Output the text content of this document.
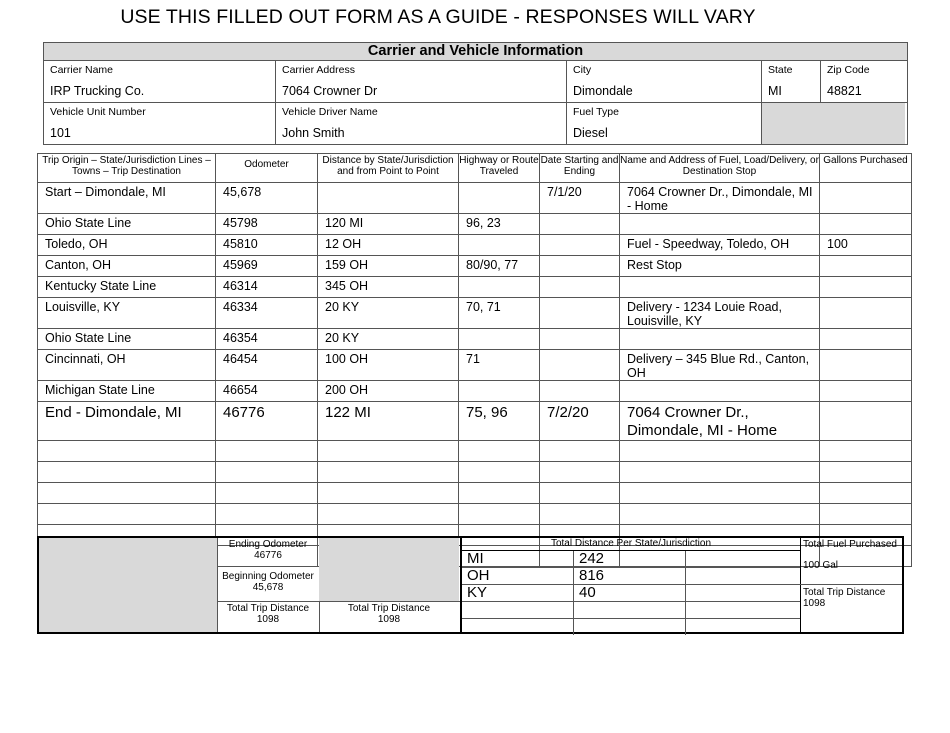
USE THIS FILLED OUT FORM AS A GUIDE - RESPONSES WILL VARY
Carrier and Vehicle Information
Carrier Name
IRP Trucking Co.
Carrier Address
7064 Crowner Dr
City
Dimondale
State
MI
Zip Code
48821
Vehicle Unit Number
101
Vehicle Driver Name
John Smith
Fuel Type
Diesel
Trip Origin – State/Jurisdiction Lines – Towns – Trip Destination	Odometer	Distance by State/Jurisdiction and from Point to Point	Highway or Route Traveled	Date Starting and Ending	Name and Address of Fuel, Load/Delivery, or Destination Stop	Gallons Purchased
Start – Dimondale, MI	45,678			7/1/20	7064 Crowner Dr., Dimondale, MI - Home	
Ohio State Line	45798	120 MI	96, 23			
Toledo, OH	45810	12 OH			Fuel - Speedway, Toledo, OH	100
Canton, OH	45969	159 OH	80/90, 77		Rest Stop	
Kentucky State Line	46314	345 OH				
Louisville, KY	46334	20 KY	70, 71		Delivery - 1234 Louie Road, Louisville, KY	
Ohio State Line	46354	20 KY				
Cincinnati, OH	46454	100 OH	71		Delivery – 345 Blue Rd., Canton, OH	
Michigan State Line	46654	200 OH				
End - Dimondale, MI	46776	122 MI	75, 96	7/2/20	7064 Crowner Dr., Dimondale, MI - Home	

Ending Odometer
46776
Beginning Odometer
45,678
Total Trip Distance
1098
Total Trip Distance
1098
Total Distance Per State/Jurisdiction
MI	242
OH	816
KY	40
Total Fuel Purchased
100 Gal
Total Trip Distance
1098
